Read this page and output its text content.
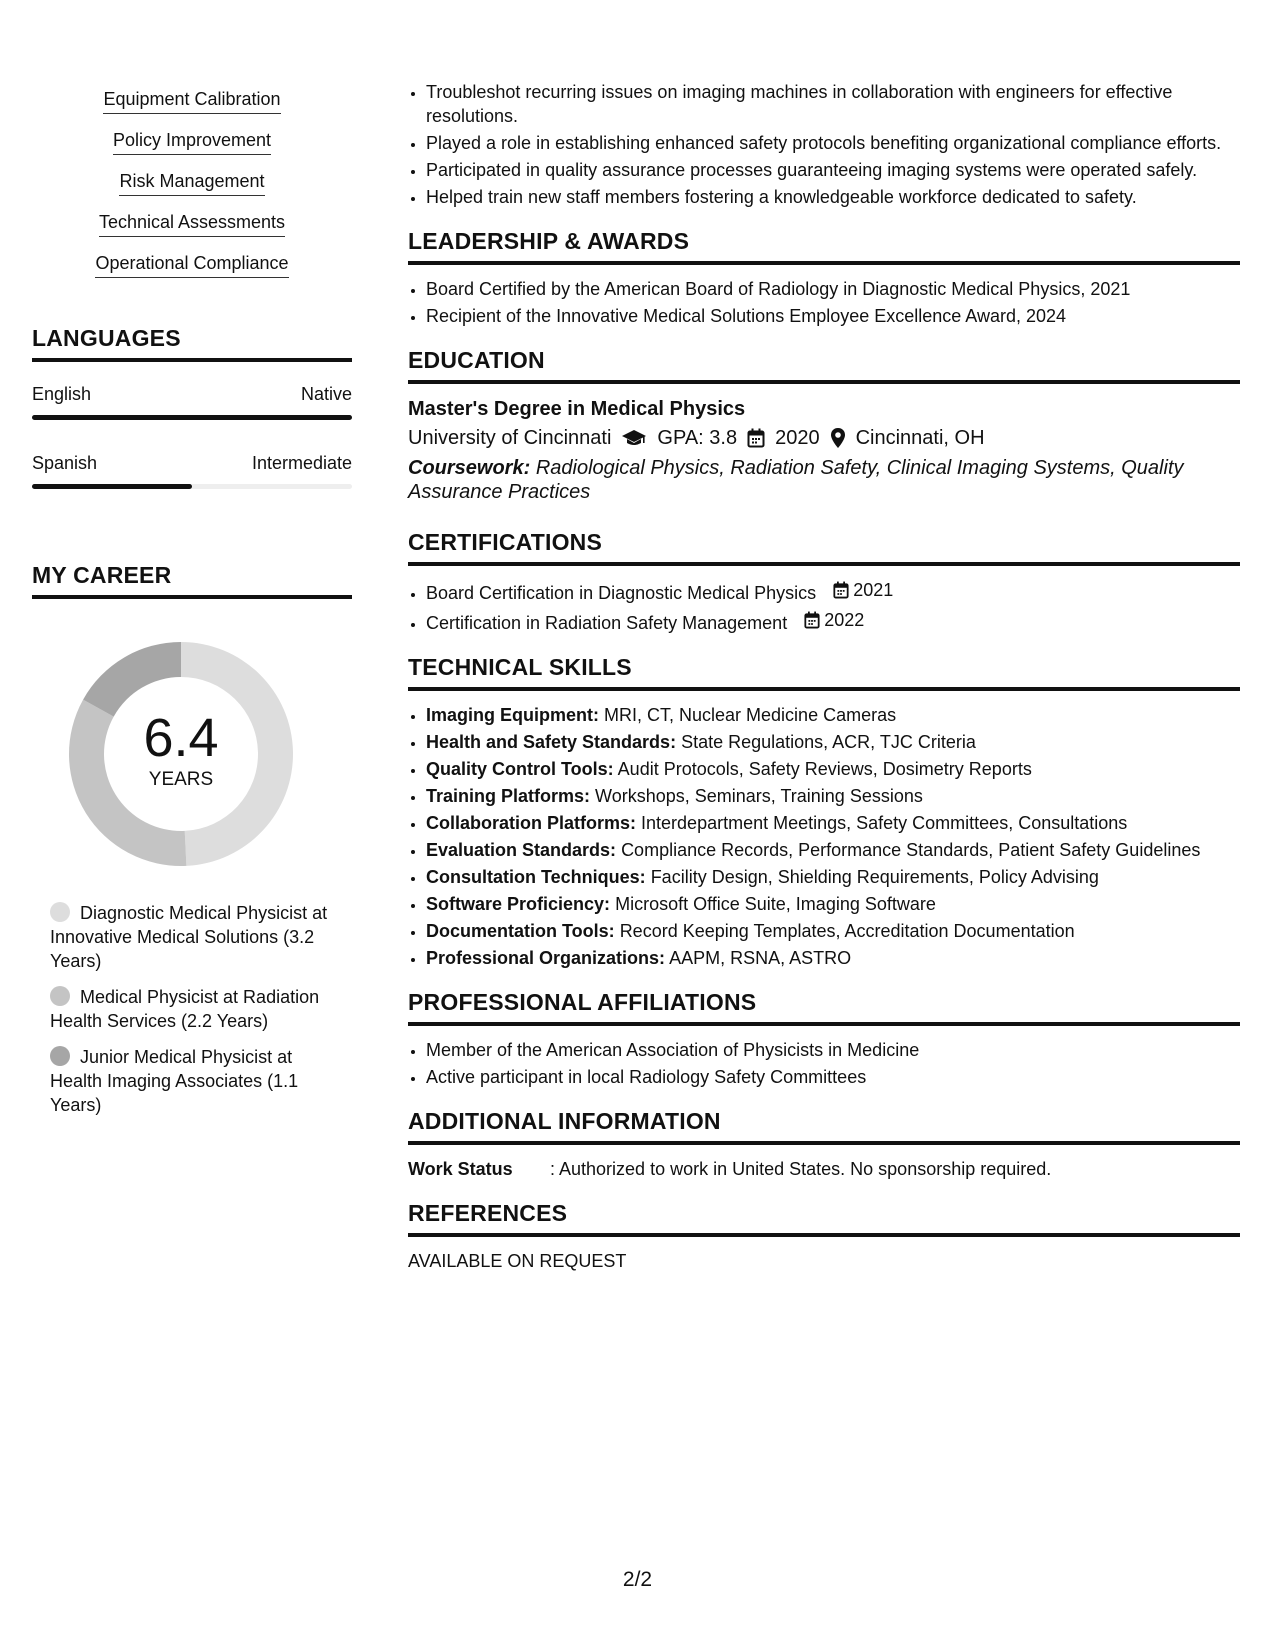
Equipment Calibration
Policy Improvement
Risk Management
Technical Assessments
Operational Compliance
LANGUAGES
English	Native
Spanish	Intermediate
MY CAREER
6.4
YEARS
Diagnostic Medical Physicist at Innovative Medical Solutions (3.2 Years)
Medical Physicist at Radiation Health Services (2.2 Years)
Junior Medical Physicist at Health Imaging Associates (1.1 Years)
• Troubleshot recurring issues on imaging machines in collaboration with engineers for effective resolutions.
• Played a role in establishing enhanced safety protocols benefiting organizational compliance efforts.
• Participated in quality assurance processes guaranteeing imaging systems were operated safely.
• Helped train new staff members fostering a knowledgeable workforce dedicated to safety.
LEADERSHIP & AWARDS
• Board Certified by the American Board of Radiology in Diagnostic Medical Physics, 2021
• Recipient of the Innovative Medical Solutions Employee Excellence Award, 2024
EDUCATION
Master's Degree in Medical Physics
University of Cincinnati GPA: 3.8 2020 Cincinnati, OH
Coursework: Radiological Physics, Radiation Safety, Clinical Imaging Systems, Quality Assurance Practices
CERTIFICATIONS
• Board Certification in Diagnostic Medical Physics 2021
• Certification in Radiation Safety Management 2022
TECHNICAL SKILLS
• Imaging Equipment: MRI, CT, Nuclear Medicine Cameras
• Health and Safety Standards: State Regulations, ACR, TJC Criteria
• Quality Control Tools: Audit Protocols, Safety Reviews, Dosimetry Reports
• Training Platforms: Workshops, Seminars, Training Sessions
• Collaboration Platforms: Interdepartment Meetings, Safety Committees, Consultations
• Evaluation Standards: Compliance Records, Performance Standards, Patient Safety Guidelines
• Consultation Techniques: Facility Design, Shielding Requirements, Policy Advising
• Software Proficiency: Microsoft Office Suite, Imaging Software
• Documentation Tools: Record Keeping Templates, Accreditation Documentation
• Professional Organizations: AAPM, RSNA, ASTRO
PROFESSIONAL AFFILIATIONS
• Member of the American Association of Physicists in Medicine
• Active participant in local Radiology Safety Committees
ADDITIONAL INFORMATION
Work Status	: Authorized to work in United States. No sponsorship required.
REFERENCES
AVAILABLE ON REQUEST
2/2
